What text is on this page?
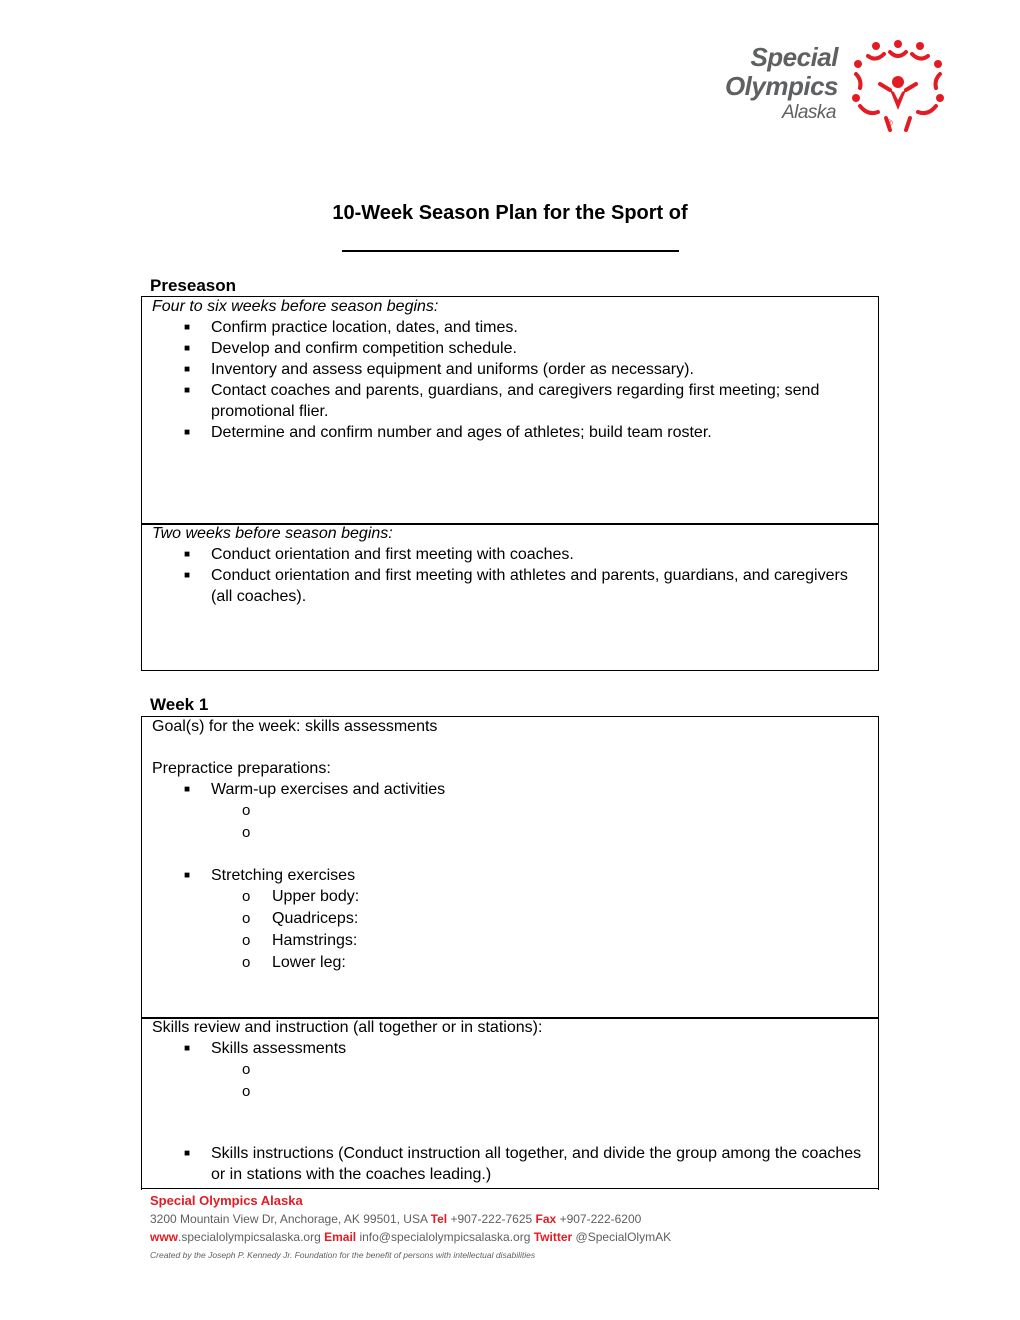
Special
Olympics
Alaska	®
10-Week Season Plan for the Sport of
Preseason
Four to six weeks before season begins:
■ Confirm practice location, dates, and times.
■ Develop and confirm competition schedule.
■ Inventory and assess equipment and uniforms (order as necessary).
■ Contact coaches and parents, guardians, and caregivers regarding first meeting; send promotional flier.
■ Determine and confirm number and ages of athletes; build team roster.
Two weeks before season begins:
■ Conduct orientation and first meeting with coaches.
■ Conduct orientation and first meeting with athletes and parents, guardians, and caregivers (all coaches).
Week 1
Goal(s) for the week: skills assessments
Prepractice preparations:
■ Warm-up exercises and activities
o
o
■ Stretching exercises
o Upper body:
o Quadriceps:
o Hamstrings:
o Lower leg:
Skills review and instruction (all together or in stations):
■ Skills assessments
o
o
■ Skills instructions (Conduct instruction all together, and divide the group among the coaches or in stations with the coaches leading.)
Special Olympics Alaska
3200 Mountain View Dr, Anchorage, AK 99501, USA Tel +907-222-7625 Fax +907-222-6200
www.specialolympicsalaska.org Email info@specialolympicsalaska.org Twitter @SpecialOlymAK
Created by the Joseph P. Kennedy Jr. Foundation for the benefit of persons with intellectual disabilities
